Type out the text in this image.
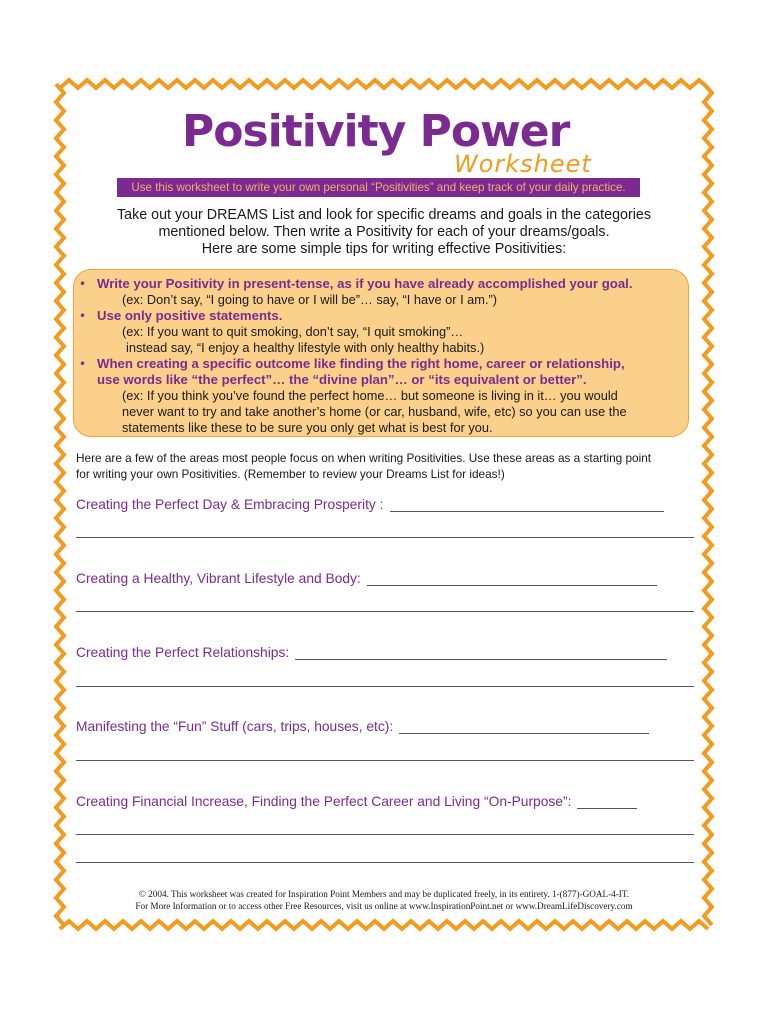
Positivity Power
Worksheet
Use this worksheet to write your own personal “Positivities” and keep track of your daily practice.
Take out your DREAMS List and look for specific dreams and goals in the categories
mentioned below. Then write a Positivity for each of your dreams/goals.
Here are some simple tips for writing effective Positivities:
• Write your Positivity in present-tense, as if you have already accomplished your goal.
(ex: Don’t say, “I going to have or I will be”… say, “I have or I am.”)
• Use only positive statements.
(ex: If you want to quit smoking, don’t say, “I quit smoking”…
instead say, “I enjoy a healthy lifestyle with only healthy habits.)
• When creating a specific outcome like finding the right home, career or relationship,
use words like “the perfect”… the “divine plan”… or “its equivalent or better”.
(ex: If you think you’ve found the perfect home… but someone is living in it… you would
never want to try and take another’s home (or car, husband, wife, etc) so you can use the
statements like these to be sure you only get what is best for you.
Here are a few of the areas most people focus on when writing Positivities. Use these areas as a starting point
for writing your own Positivities. (Remember to review your Dreams List for ideas!)
Creating the Perfect Day & Embracing Prosperity :
Creating a Healthy, Vibrant Lifestyle and Body:
Creating the Perfect Relationships:
Manifesting the “Fun” Stuff (cars, trips, houses, etc):
Creating Financial Increase, Finding the Perfect Career and Living “On-Purpose”:
© 2004. This worksheet was created for Inspiration Point Members and may be duplicated freely, in its entirety. 1-(877)-GOAL-4-IT.
For More Information or to access other Free Resources, visit us online at www.InspirationPoint.net or www.DreamLifeDiscovery.com
